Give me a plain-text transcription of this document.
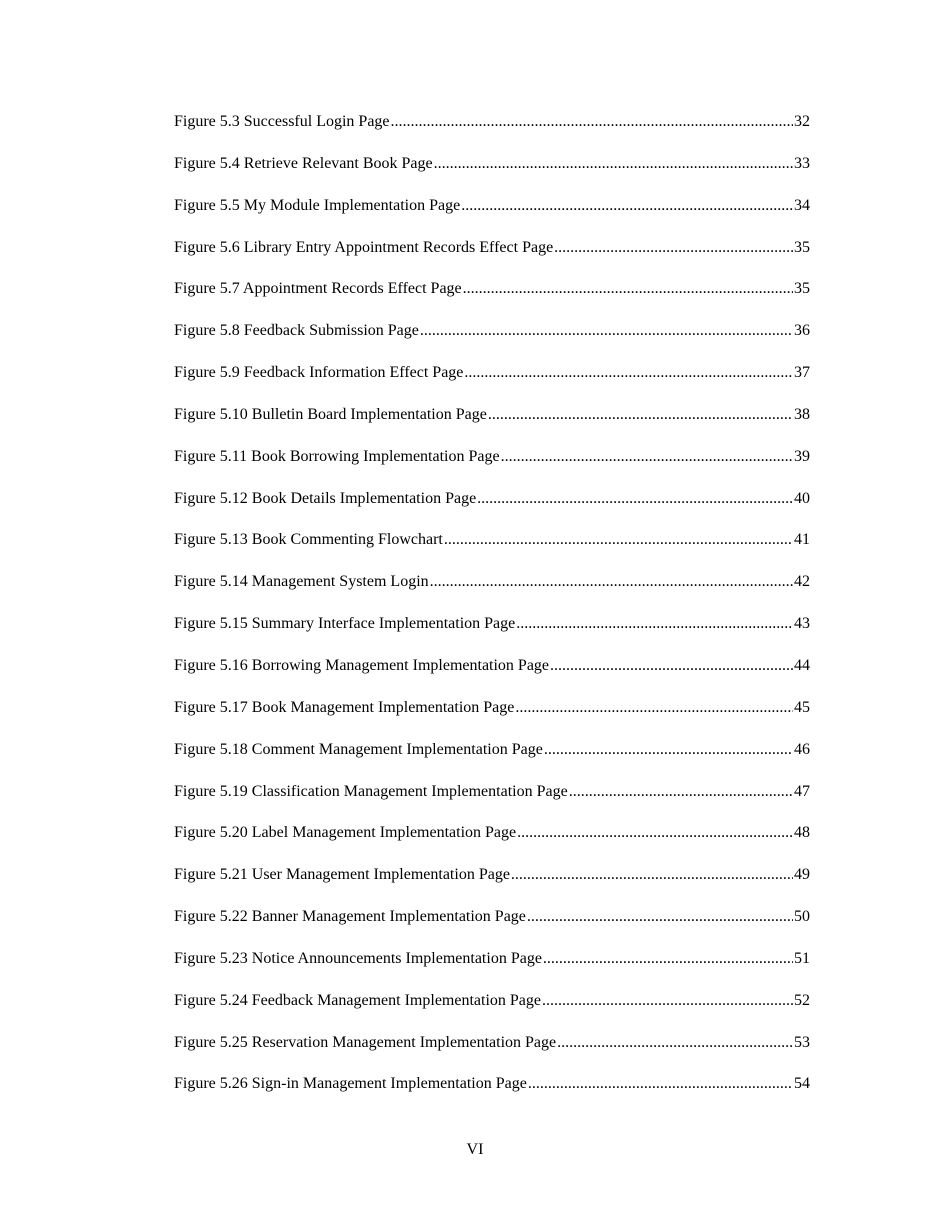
Figure 5.3 Successful Login Page .....	32
Figure 5.4 Retrieve Relevant Book Page .....	33
Figure 5.5 My Module Implementation Page .....	34
Figure 5.6 Library Entry Appointment Records Effect Page .....	35
Figure 5.7 Appointment Records Effect Page .....	35
Figure 5.8 Feedback Submission Page .....	36
Figure 5.9 Feedback Information Effect Page .....	37
Figure 5.10 Bulletin Board Implementation Page .....	38
Figure 5.11 Book Borrowing Implementation Page .....	39
Figure 5.12 Book Details Implementation Page .....	40
Figure 5.13 Book Commenting Flowchart .....	41
Figure 5.14 Management System Login .....	42
Figure 5.15 Summary Interface Implementation Page .....	43
Figure 5.16 Borrowing Management Implementation Page .....	44
Figure 5.17 Book Management Implementation Page .....	45
Figure 5.18 Comment Management Implementation Page .....	46
Figure 5.19 Classification Management Implementation Page .....	47
Figure 5.20 Label Management Implementation Page .....	48
Figure 5.21 User Management Implementation Page .....	49
Figure 5.22 Banner Management Implementation Page .....	50
Figure 5.23 Notice Announcements Implementation Page .....	51
Figure 5.24 Feedback Management Implementation Page .....	52
Figure 5.25 Reservation Management Implementation Page .....	53
Figure 5.26 Sign-in Management Implementation Page .....	54
VI
